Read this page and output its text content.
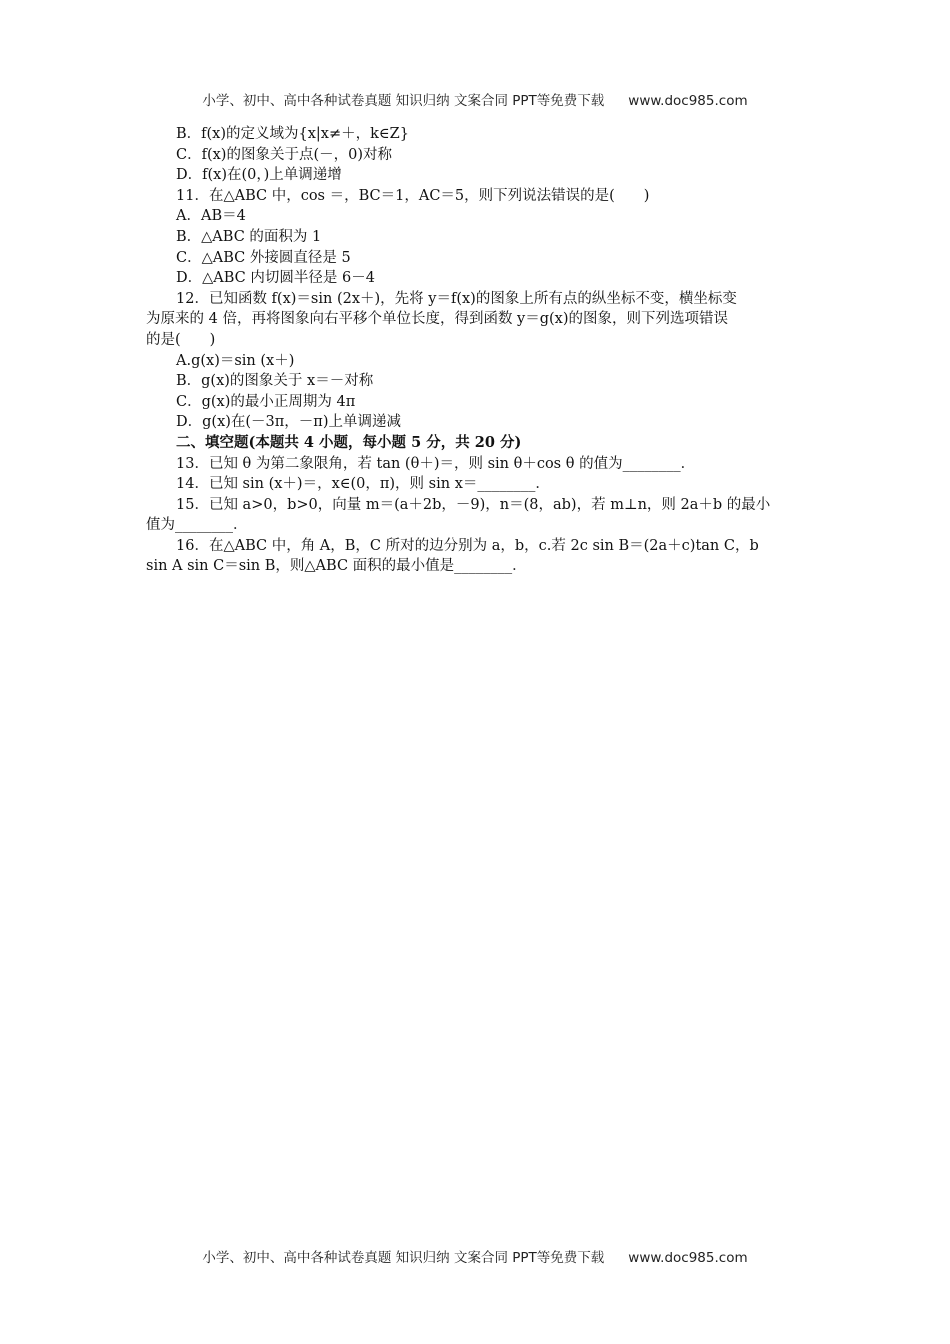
小学、初中、高中各种试卷真题 知识归纳 文案合同 PPT等免费下载 www.doc985.com
B．f(x)的定义域为{x|x≠＋，k∈Z}
C．f(x)的图象关于点(－，0)对称
D．f(x)在(0，)上单调递增
11．在△ABC 中，cos ＝，BC＝1，AC＝5，则下列说法错误的是(　　)
A．AB＝4
B．△ABC 的面积为 1
C．△ABC 外接圆直径是 5
D．△ABC 内切圆半径是 6－4
12．已知函数 f(x)＝sin (2x＋)，先将 y＝f(x)的图象上所有点的纵坐标不变，横坐标变
为原来的 4 倍，再将图象向右平移个单位长度，得到函数 y＝g(x)的图象，则下列选项错误
的是(　　)
A.g(x)＝sin (x＋)
B．g(x)的图象关于 x＝－对称
C．g(x)的最小正周期为 4π
D．g(x)在(－3π，－π)上单调递减
二、填空题(本题共 4 小题，每小题 5 分，共 20 分)
13．已知 θ 为第二象限角，若 tan (θ＋)＝，则 sin θ＋cos θ 的值为________．
14．已知 sin (x＋)＝，x∈(0，π)，则 sin x＝________．
15．已知 a>0，b>0，向量 m＝(a＋2b，－9)，n＝(8，ab)，若 m⊥n，则 2a＋b 的最小
值为________．
16．在△ABC 中，角 A，B，C 所对的边分别为 a，b，c.若 2c sin B＝(2a＋c)tan C，b
sin A sin C＝sin B，则△ABC 面积的最小值是________．
小学、初中、高中各种试卷真题 知识归纳 文案合同 PPT等免费下载 www.doc985.com
